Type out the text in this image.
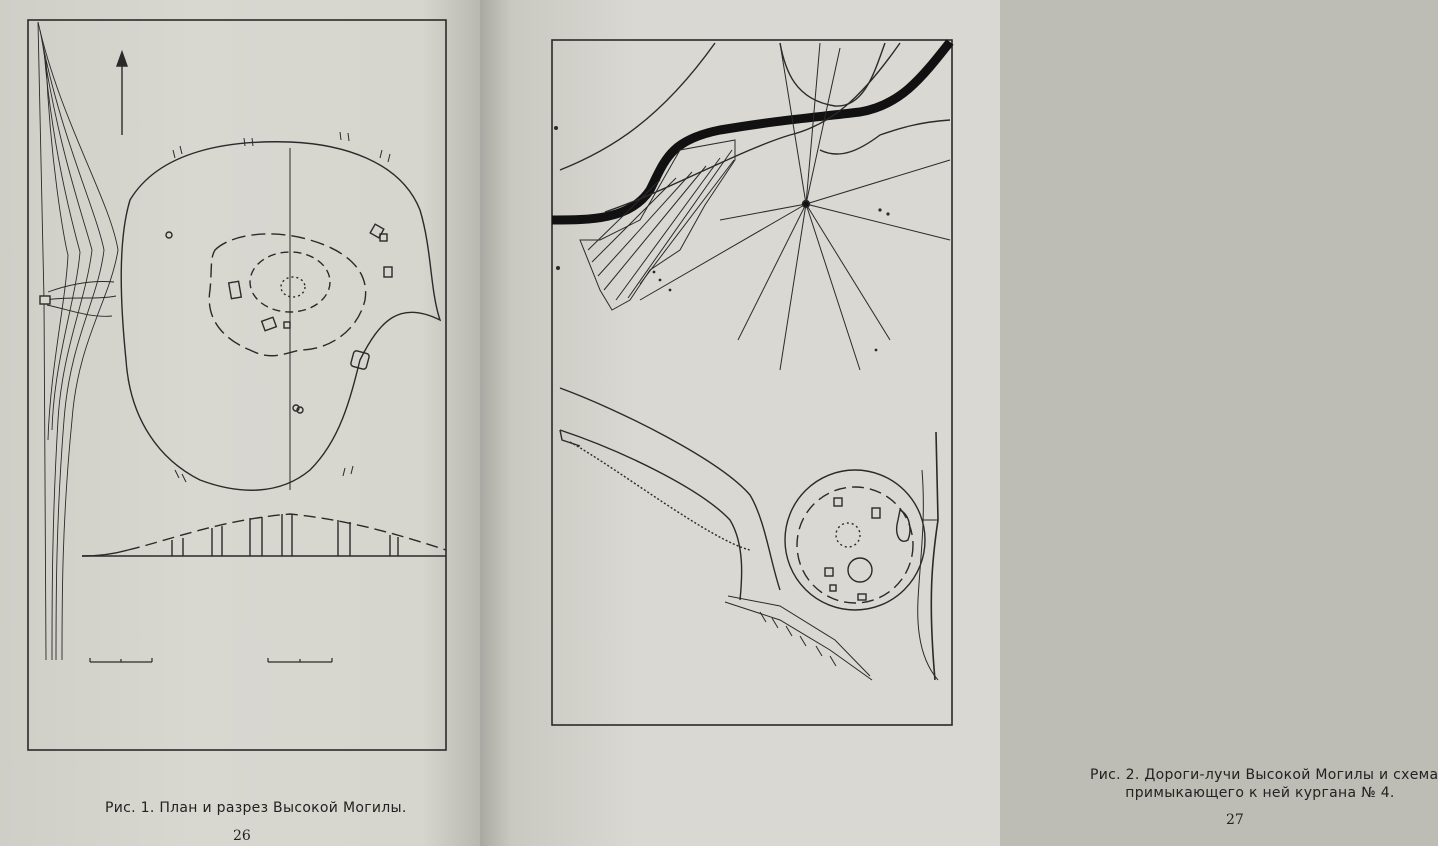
Рис. 1. План и разрез Высокой Могилы.
26
Рис. 2. Дороги-лучи Высокой Могилы и схема
примыкающего к ней кургана № 4.
27
